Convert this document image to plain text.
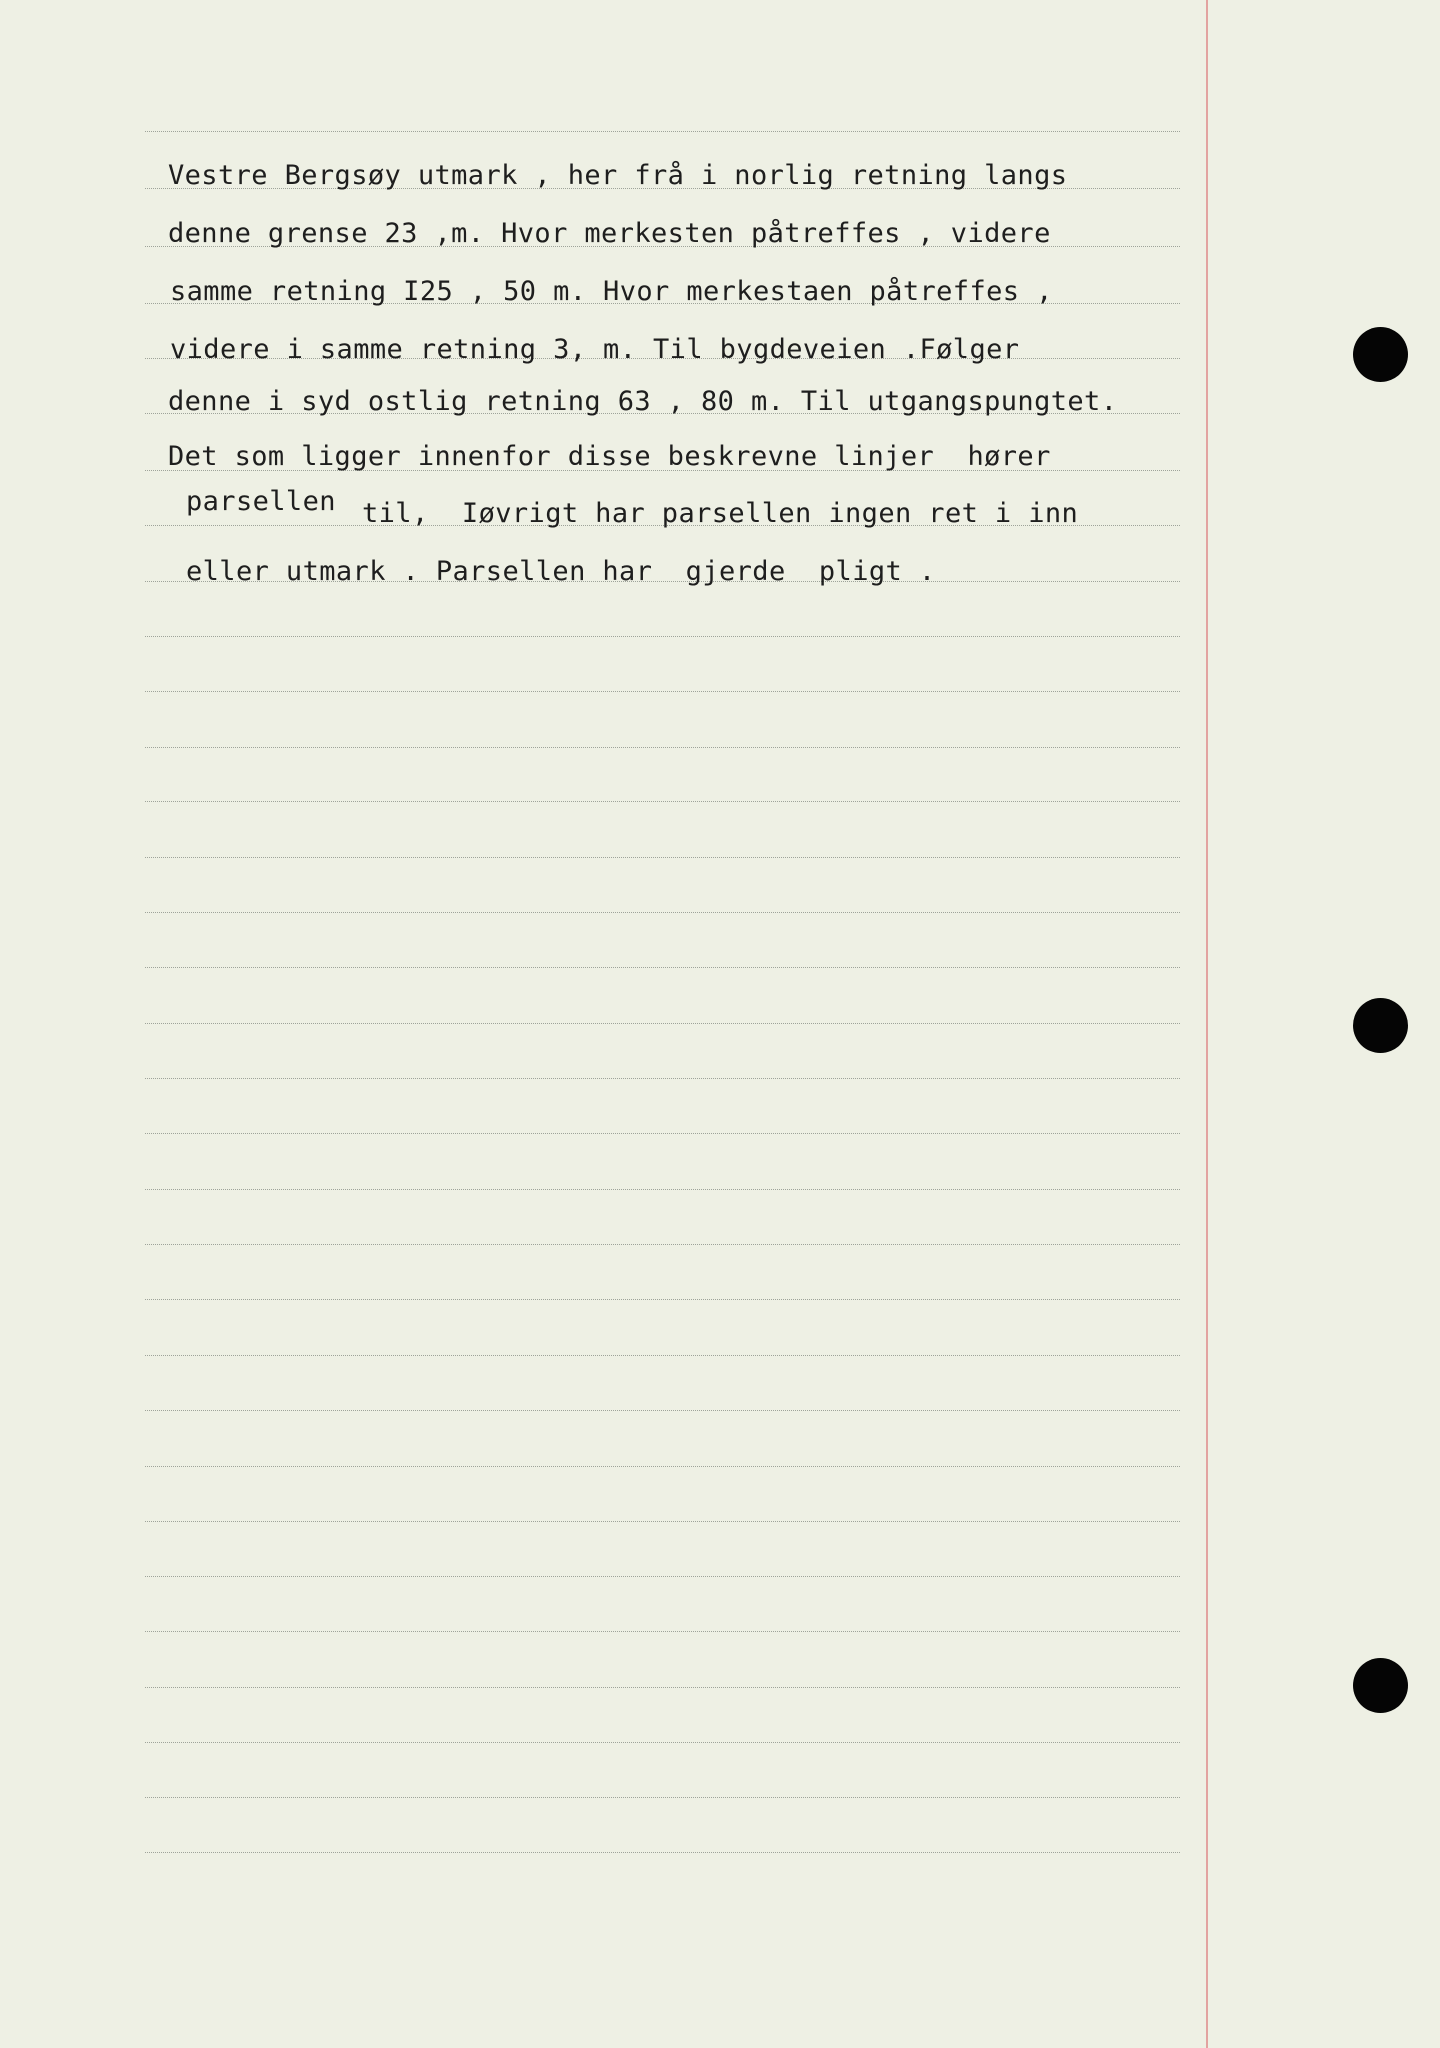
Vestre Bergsøy utmark , her frå i norlig retning langs
denne grense 23 ,m. Hvor merkesten påtreffes , videre
samme retning I25 , 50 m. Hvor merkestaen påtreffes ,
videre i samme retning 3, m. Til bygdeveien .Følger
denne i syd ostlig retning 63 , 80 m. Til utgangspungtet.
Det som ligger innenfor disse beskrevne linjer  hører
parsellen til,  Iøvrigt har parsellen ingen ret i inn
eller utmark . Parsellen har  gjerde  pligt .
